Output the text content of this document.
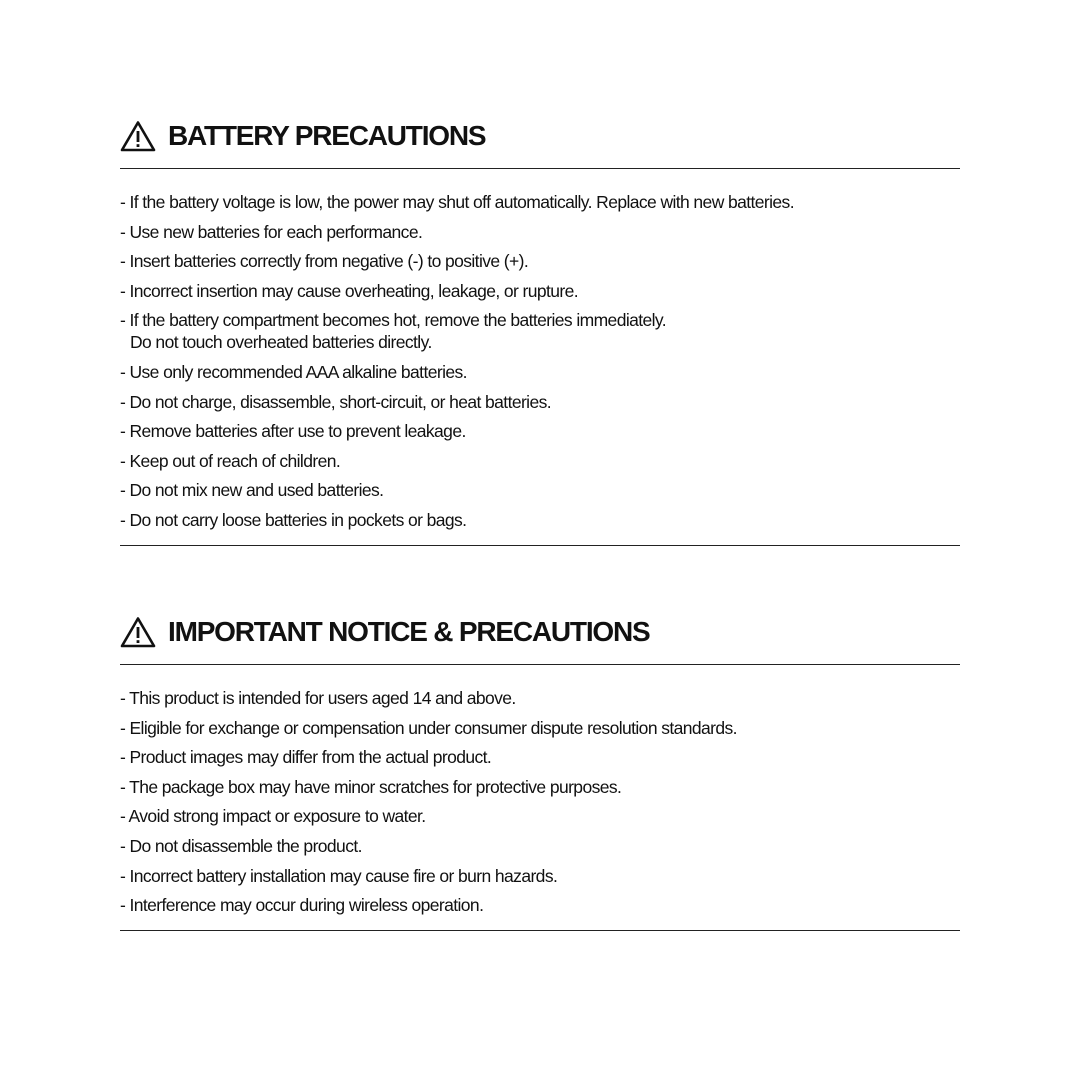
BATTERY PRECAUTIONS
- If the battery voltage is low, the power may shut off automatically. Replace with new batteries.
- Use new batteries for each performance.
- Insert batteries correctly from negative (-) to positive (+).
- Incorrect insertion may cause overheating, leakage, or rupture.
- If the battery compartment becomes hot, remove the batteries immediately.
Do not touch overheated batteries directly.
- Use only recommended AAA alkaline batteries.
- Do not charge, disassemble, short-circuit, or heat batteries.
- Remove batteries after use to prevent leakage.
- Keep out of reach of children.
- Do not mix new and used batteries.
- Do not carry loose batteries in pockets or bags.
IMPORTANT NOTICE & PRECAUTIONS
- This product is intended for users aged 14 and above.
- Eligible for exchange or compensation under consumer dispute resolution standards.
- Product images may differ from the actual product.
- The package box may have minor scratches for protective purposes.
- Avoid strong impact or exposure to water.
- Do not disassemble the product.
- Incorrect battery installation may cause fire or burn hazards.
- Interference may occur during wireless operation.
